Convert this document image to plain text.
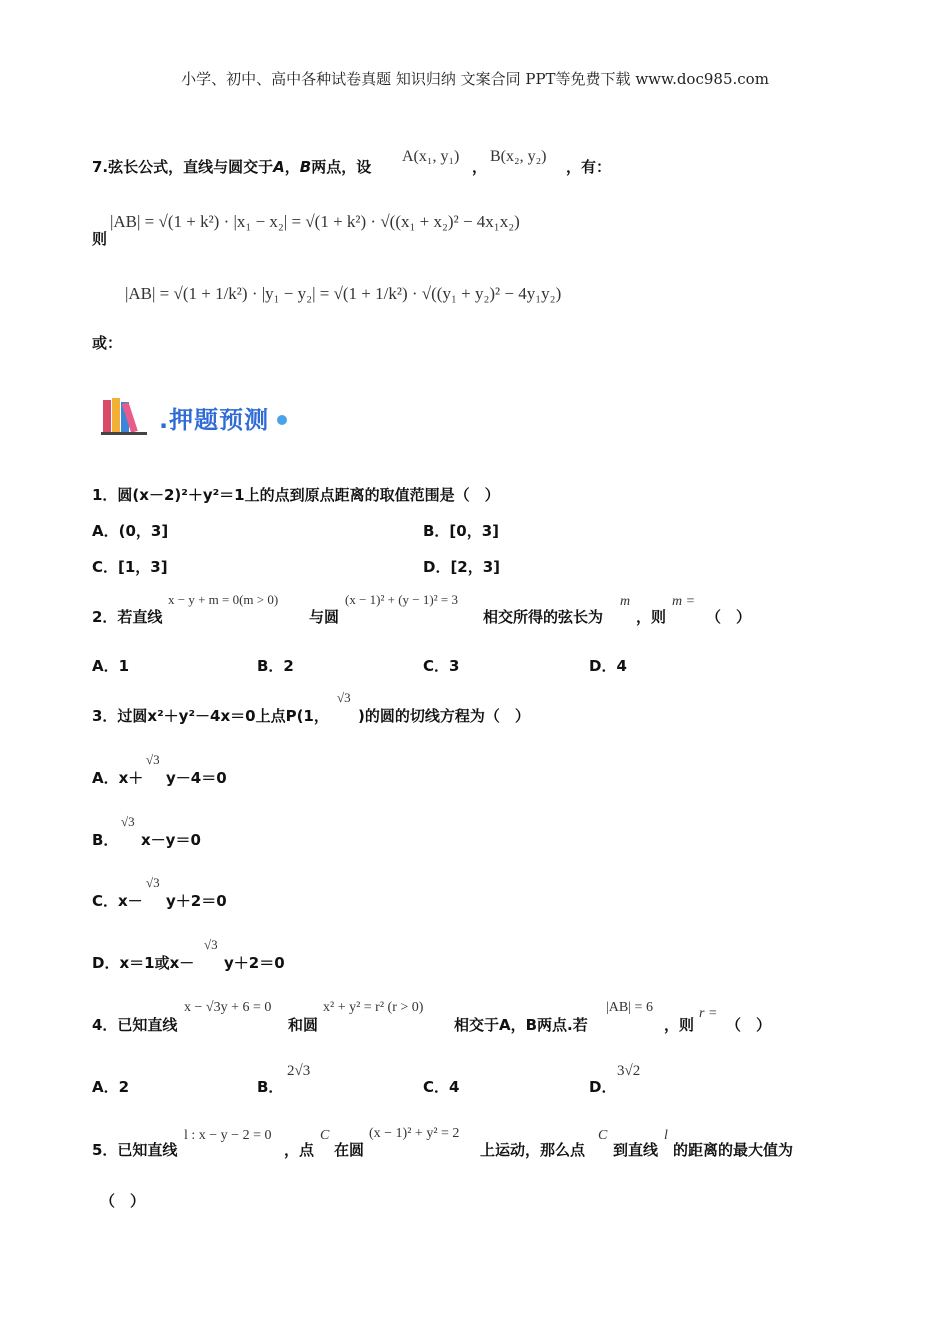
小学、初中、高中各种试卷真题 知识归纳 文案合同 PPT等免费下载 www.doc985.com
7.弦长公式，直线与圆交于A，B两点，设
A(x₁, y₁)
，
B(x₂, y₂)
，有：
则
|AB| = √(1 + k²) · |x₁ − x₂| = √(1 + k²) · √((x₁ + x₂)² − 4x₁x₂)
|AB| = √(1 + 1/k²) · |y₁ − y₂| = √(1 + 1/k²) · √((y₁ + y₂)² − 4y₁y₂)
或：
.押题预测
1．圆(x－2)²＋y²＝1上的点到原点距离的取值范围是（　）
A．(0，3]	B．[0，3]
C．[1，3]	D．[2，3]
2．若直线
x − y + m = 0(m > 0)
与圆
(x − 1)² + (y − 1)² = 3
相交所得的弦长为
m
，则
m =
（　）
A．1	B．2	C．3	D．4
3．过圆x²＋y²－4x＝0上点P(1，
√3
)的圆的切线方程为（　）
A．x＋
√3
y－4＝0
B．
√3
x－y＝0
C．x－
√3
y＋2＝0
D．x＝1或x－
√3
y＋2＝0
4．已知直线
x − √3y + 6 = 0
和圆
x² + y² = r² (r > 0)
相交于A，B两点.若
|AB| = 6
，则
r =
（　）
A．2	B．
2√3
C．4	D．
3√2
5．已知直线
l : x − y − 2 = 0
，点
C
在圆
(x − 1)² + y² = 2
上运动，那么点
C
到直线
l
的距离的最大值为
（　）
